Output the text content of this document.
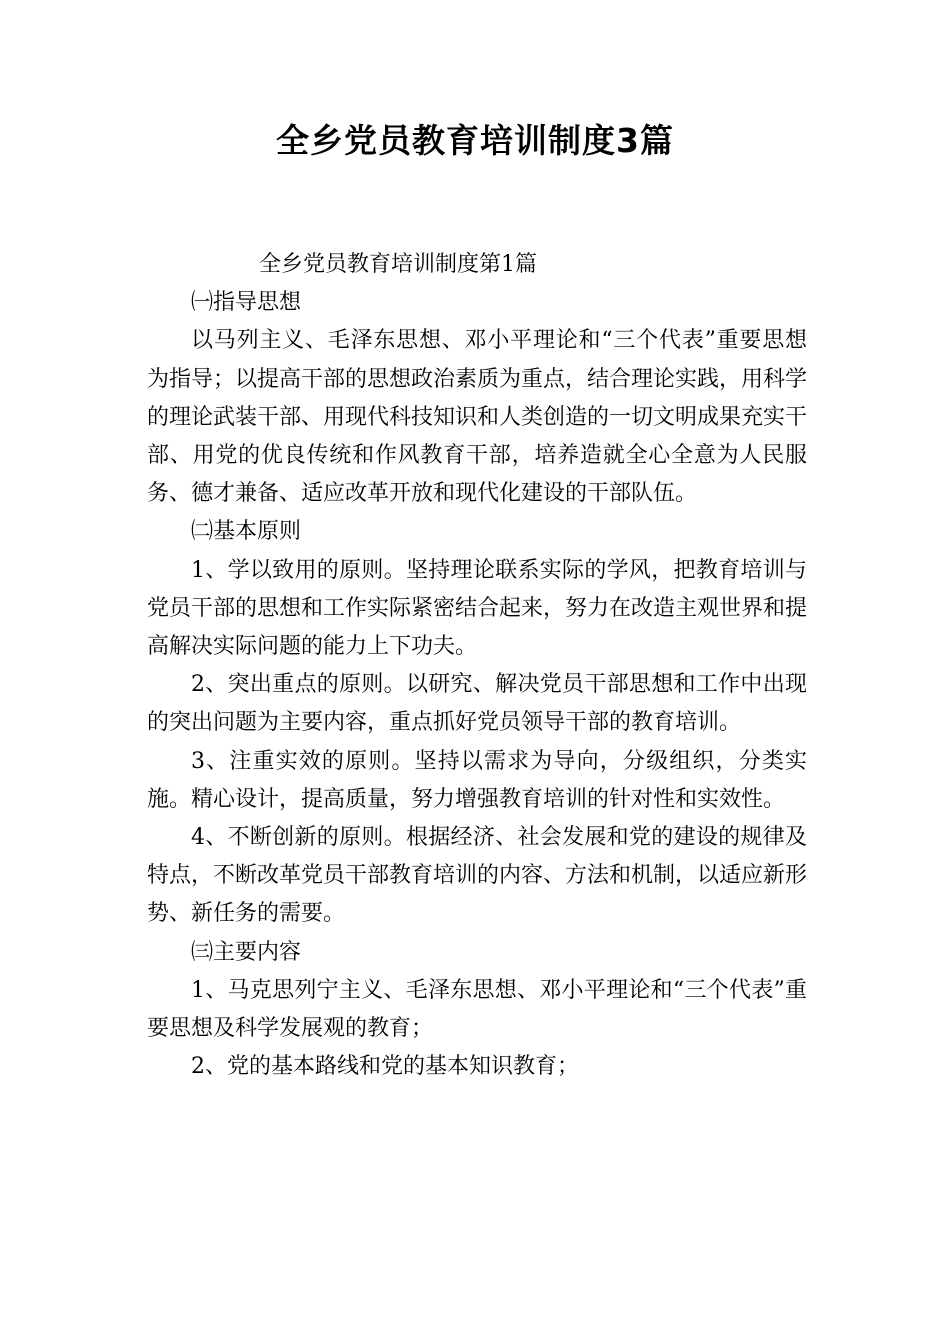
全乡党员教育培训制度3篇

全乡党员教育培训制度第1篇

㈠指导思想

以马列主义、毛泽东思想、邓小平理论和“三个代表”重要思想为指导；以提高干部的思想政治素质为重点，结合理论实践，用科学的理论武装干部、用现代科技知识和人类创造的一切文明成果充实干部、用党的优良传统和作风教育干部，培养造就全心全意为人民服务、德才兼备、适应改革开放和现代化建设的干部队伍。

㈡基本原则

1、学以致用的原则。坚持理论联系实际的学风，把教育培训与党员干部的思想和工作实际紧密结合起来，努力在改造主观世界和提高解决实际问题的能力上下功夫。

2、突出重点的原则。以研究、解决党员干部思想和工作中出现的突出问题为主要内容，重点抓好党员领导干部的教育培训。

3、注重实效的原则。坚持以需求为导向，分级组织，分类实施。精心设计，提高质量，努力增强教育培训的针对性和实效性。

4、不断创新的原则。根据经济、社会发展和党的建设的规律及特点，不断改革党员干部教育培训的内容、方法和机制，以适应新形势、新任务的需要。

㈢主要内容

1、马克思列宁主义、毛泽东思想、邓小平理论和“三个代表”重要思想及科学发展观的教育；

2、党的基本路线和党的基本知识教育；
